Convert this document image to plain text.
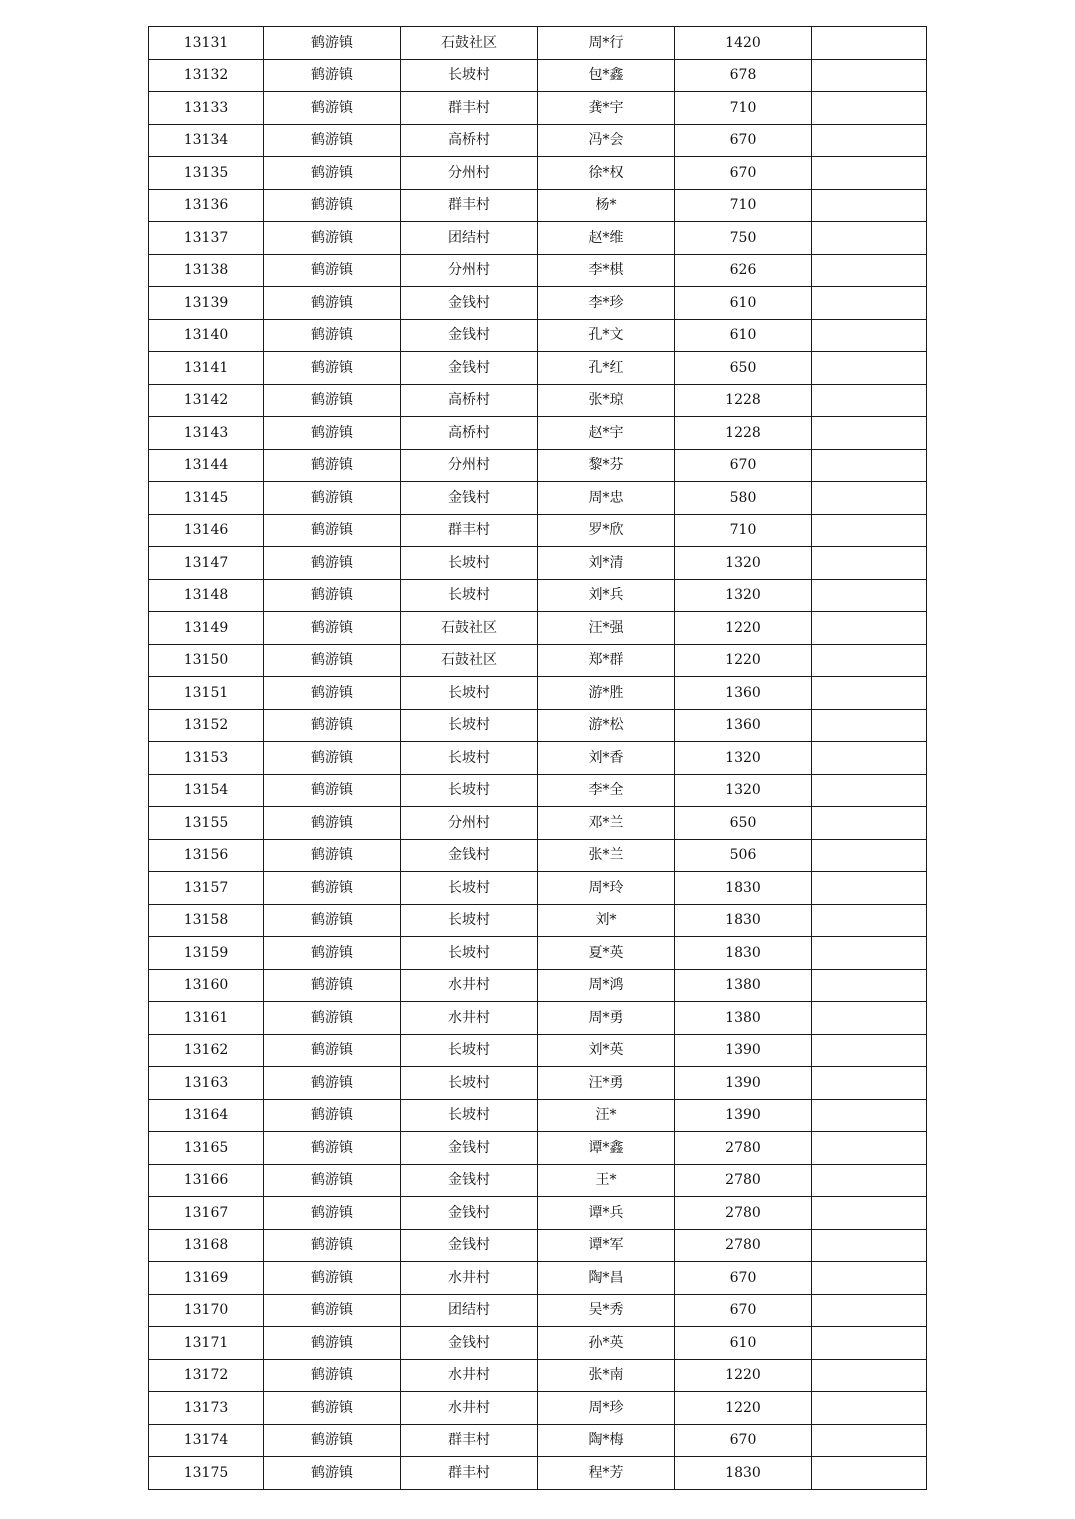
13131	鹤游镇	石鼓社区	周*行	1420	
13132	鹤游镇	长坡村	包*鑫	678	
13133	鹤游镇	群丰村	龚*宇	710	
13134	鹤游镇	高桥村	冯*会	670	
13135	鹤游镇	分州村	徐*权	670	
13136	鹤游镇	群丰村	杨*	710	
13137	鹤游镇	团结村	赵*维	750	
13138	鹤游镇	分州村	李*棋	626	
13139	鹤游镇	金钱村	李*珍	610	
13140	鹤游镇	金钱村	孔*文	610	
13141	鹤游镇	金钱村	孔*红	650	
13142	鹤游镇	高桥村	张*琼	1228	
13143	鹤游镇	高桥村	赵*宇	1228	
13144	鹤游镇	分州村	黎*芬	670	
13145	鹤游镇	金钱村	周*忠	580	
13146	鹤游镇	群丰村	罗*欣	710	
13147	鹤游镇	长坡村	刘*清	1320	
13148	鹤游镇	长坡村	刘*兵	1320	
13149	鹤游镇	石鼓社区	汪*强	1220	
13150	鹤游镇	石鼓社区	郑*群	1220	
13151	鹤游镇	长坡村	游*胜	1360	
13152	鹤游镇	长坡村	游*松	1360	
13153	鹤游镇	长坡村	刘*香	1320	
13154	鹤游镇	长坡村	李*全	1320	
13155	鹤游镇	分州村	邓*兰	650	
13156	鹤游镇	金钱村	张*兰	506	
13157	鹤游镇	长坡村	周*玲	1830	
13158	鹤游镇	长坡村	刘*	1830	
13159	鹤游镇	长坡村	夏*英	1830	
13160	鹤游镇	水井村	周*鸿	1380	
13161	鹤游镇	水井村	周*勇	1380	
13162	鹤游镇	长坡村	刘*英	1390	
13163	鹤游镇	长坡村	汪*勇	1390	
13164	鹤游镇	长坡村	汪*	1390	
13165	鹤游镇	金钱村	谭*鑫	2780	
13166	鹤游镇	金钱村	王*	2780	
13167	鹤游镇	金钱村	谭*兵	2780	
13168	鹤游镇	金钱村	谭*军	2780	
13169	鹤游镇	水井村	陶*昌	670	
13170	鹤游镇	团结村	吴*秀	670	
13171	鹤游镇	金钱村	孙*英	610	
13172	鹤游镇	水井村	张*南	1220	
13173	鹤游镇	水井村	周*珍	1220	
13174	鹤游镇	群丰村	陶*梅	670	
13175	鹤游镇	群丰村	程*芳	1830	
